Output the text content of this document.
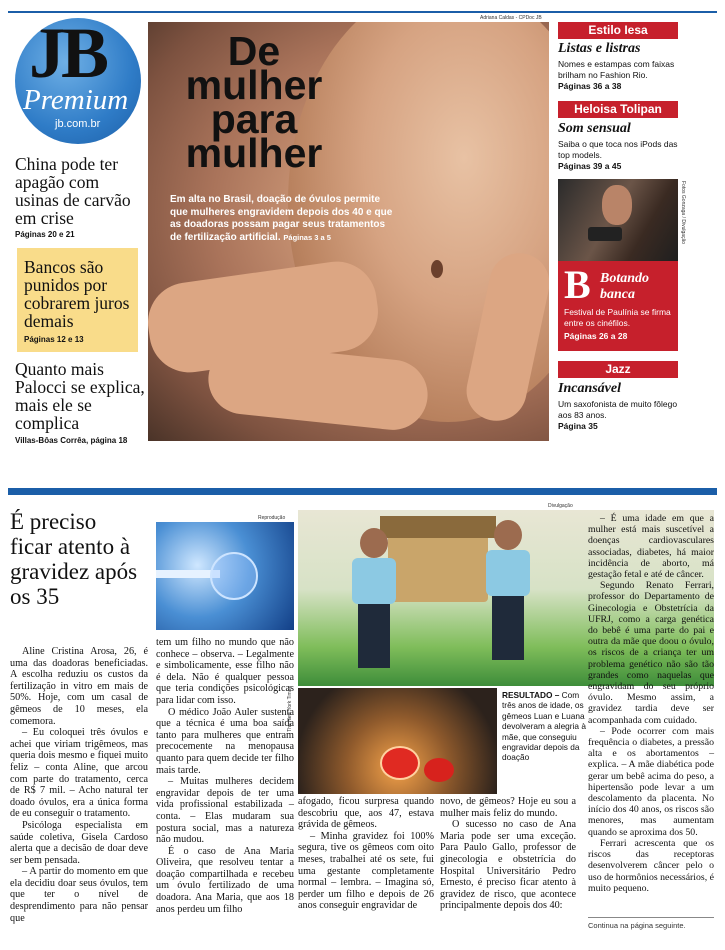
JB
Premium
jb.com.br
China pode ter apagão com usinas de carvão em crise
Páginas 20 e 21
Bancos são punidos por cobrarem juros demais
Páginas 12 e 13
Quanto mais Palocci se explica, mais ele se complica
Villas-Bôas Corrêa, página 18
Adriana Caldas - CPDoc JB
De mulher para mulher
Em alta no Brasil, doação de óvulos permite que mulheres engravidem depois dos 40 e que as doadoras possam pagar seus tratamentos de fertilização artificial. Páginas 3 a 5
Estilo Iesa
Listas e listras
Nomes e estampas com faixas brilham no Fashion Rio.
Páginas 36 a 38
Heloisa Tolipan
Som sensual
Saiba o que toca nos iPods das top models.
Páginas 39 a 45
Fotos Gonzaga / Divulgação
B Botando banca
Festival de Paulínia se firma entre os cinéfilos.
Páginas 26 a 28
Jazz
Incansável
Um saxofonista de muito fôlego aos 83 anos.
Página 35
É preciso ficar atento à gravidez após os 35

Aline Cristina Arosa, 26, é uma das doadoras beneficiadas. A escolha reduziu os custos da fertilização in vitro em mais de 50%. Hoje, com um casal de gêmeos de 10 meses, ela comemora.

– Eu coloquei três óvulos e achei que viriam trigêmeos, mas queria dois mesmo e fiquei muito feliz – conta Aline, que arcou com parte do tratamento, cerca de R$ 7 mil. – Acho natural ter doado óvulos, era a única forma de eu conseguir o tratamento.

Psicóloga especialista em saúde coletiva, Gisela Cardoso alerta que a decisão de doar deve ser bem pensada.

– A partir do momento em que ela decidiu doar seus óvulos, tem que ter o nível de desprendimento para não pensar que

Reprodução
Divulgação

tem um filho no mundo que não conhece – observa. – Legalmente e simbolicamente, esse filho não é dela. Não é qualquer pessoa que teria condições psicológicas para lidar com isso.

O médico João Auler sustenta que a técnica é uma boa saída tanto para mulheres que entram precocemente na menopausa quanto para quem decide ter filho mais tarde.

– Muitas mulheres decidem engravidar depois de ter uma vida profissional estabilizada – conta. – Elas mudaram sua postura social, mas a natureza não mudou.

É o caso de Ana Maria Oliveira, que resolveu tentar a doação compartilhada e recebeu um óvulo fertilizado de uma doadora. Ana Maria, que aos 18 anos perdeu um filho

The New York Times	RESULTADO – Com três anos de idade, os gêmeos Luan e Luana devolveram a alegria à mãe, que conseguiu engravidar depois da doação

afogado, ficou surpresa quando descobriu que, aos 47, estava grávida de gêmeos.

– Minha gravidez foi 100% segura, tive os gêmeos com oito meses, trabalhei até os sete, fui uma gestante completamente normal – lembra. – Imagina só, perder um filho e depois de 26 anos conseguir engravidar de

novo, de gêmeos? Hoje eu sou a mulher mais feliz do mundo.

O sucesso no caso de Ana Maria pode ser uma exceção. Para Paulo Gallo, professor de ginecologia e obstetrícia do Hospital Universitário Pedro Ernesto, é preciso ficar atento à gravidez de risco, que acontece principalmente depois dos 40:

– É uma idade em que a mulher está mais suscetível a doenças cardiovasculares associadas, diabetes, há maior incidência de aborto, má gestação fetal e até de câncer.

Segundo Renato Ferrari, professor do Departamento de Ginecologia e Obstetrícia da UFRJ, como a carga genética do bebê é uma parte do pai e outra da mãe que doou o óvulo, os riscos de a criança ter um problema genético não são tão grandes como naquelas que engravidam do seu próprio óvulo. Mesmo assim, a gravidez tardia deve ser acompanhada com cuidado.

– Pode ocorrer com mais frequência o diabetes, a pressão alta e os abortamentos – explica. – A mãe diabética pode gerar um bebê acima do peso, a hipertensão pode levar a um descolamento da placenta. No início dos 40 anos, os riscos são menores, mas aumentam quando se aproxima dos 50.

Ferrari acrescenta que os riscos das receptoras desenvolverem câncer pelo o uso de hormônios necessários, é muito pequeno.

Continua na página seguinte.
